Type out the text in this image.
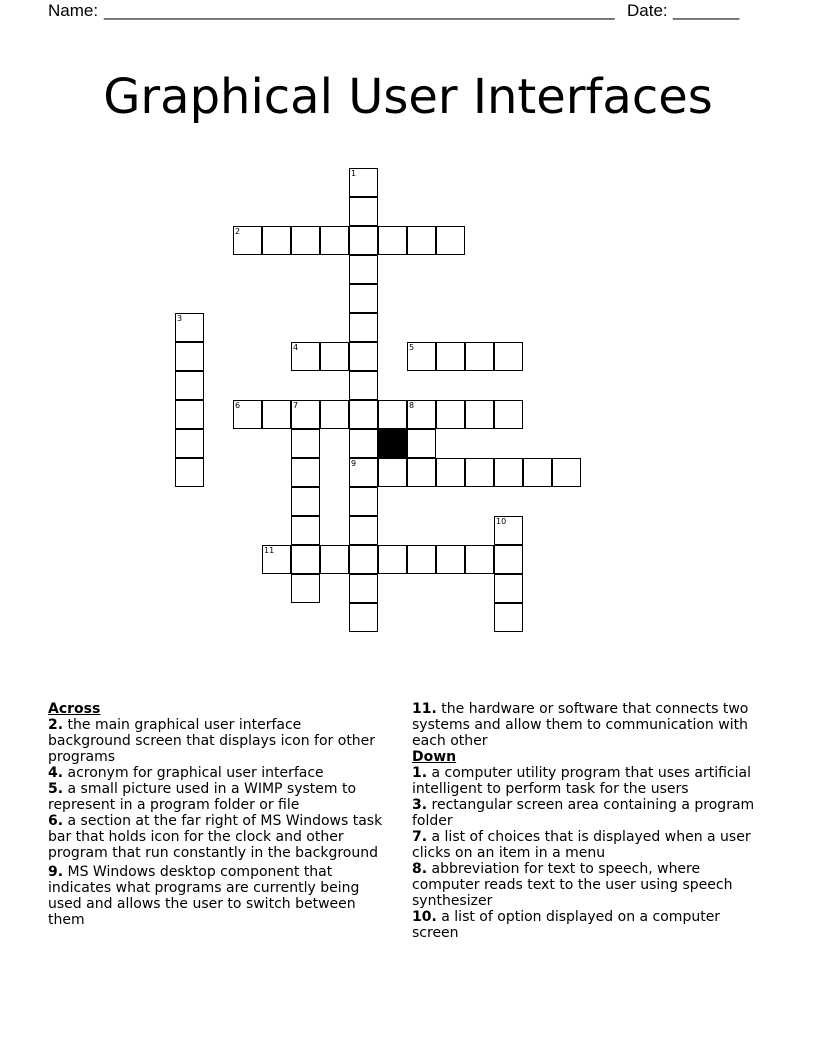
Name: ______________________________________________________ Date: _______
Graphical User Interfaces
1
2
3
4	5
6	7	8
9
10
11
Across
2. the main graphical user interface background screen that displays icon for other programs
4. acronym for graphical user interface
5. a small picture used in a WIMP system to represent in a program folder or file
6. a section at the far right of MS Windows task bar that holds icon for the clock and other program that run constantly in the background
9. MS Windows desktop component that indicates what programs are currently being used and allows the user to switch between them
11. the hardware or software that connects two systems and allow them to communication with each other
Down
1. a computer utility program that uses artificial intelligent to perform task for the users
3. rectangular screen area containing a program folder
7. a list of choices that is displayed when a user clicks on an item in a menu
8. abbreviation for text to speech, where computer reads text to the user using speech synthesizer
10. a list of option displayed on a computer screen
